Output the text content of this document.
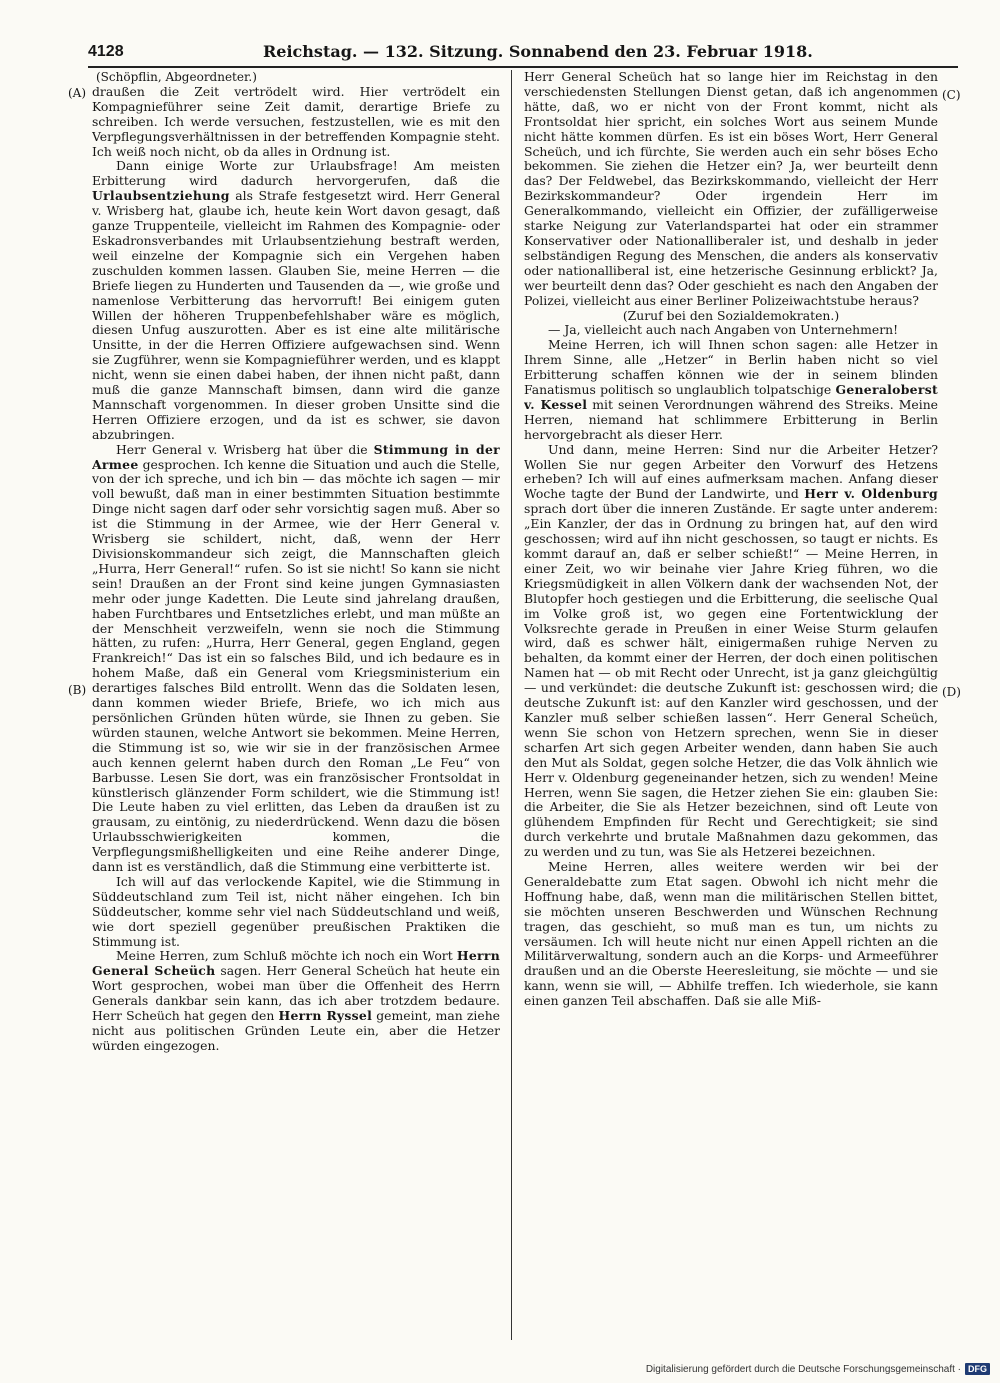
4128	Reichstag. — 132. Sitzung. Sonnabend den 23. Februar 1918.
(A)
(B)
(C)
(D)

(Schöpflin, Abgeordneter.)

draußen die Zeit vertrödelt wird. Hier vertrödelt ein Kompagnieführer seine Zeit damit, derartige Briefe zu schreiben. Ich werde versuchen, festzustellen, wie es mit den Verpflegungsverhältnissen in der betreffenden Kompagnie steht. Ich weiß noch nicht, ob da alles in Ordnung ist.

Dann einige Worte zur Urlaubsfrage! Am meisten Erbitterung wird dadurch hervorgerufen, daß die Urlaubsentziehung als Strafe festgesetzt wird. Herr General v. Wrisberg hat, glaube ich, heute kein Wort davon gesagt, daß ganze Truppenteile, vielleicht im Rahmen des Kompagnie- oder Eskadronsverbandes mit Urlaubsentziehung bestraft werden, weil einzelne der Kompagnie sich ein Vergehen haben zuschulden kommen lassen. Glauben Sie, meine Herren — die Briefe liegen zu Hunderten und Tausenden da —, wie große und namenlose Verbitterung das hervorruft! Bei einigem guten Willen der höheren Truppenbefehlshaber wäre es möglich, diesen Unfug auszurotten. Aber es ist eine alte militärische Unsitte, in der die Herren Offiziere aufgewachsen sind. Wenn sie Zugführer, wenn sie Kompagnieführer werden, und es klappt nicht, wenn sie einen dabei haben, der ihnen nicht paßt, dann muß die ganze Mannschaft bimsen, dann wird die ganze Mannschaft vorgenommen. In dieser groben Unsitte sind die Herren Offiziere erzogen, und da ist es schwer, sie davon abzubringen.

Herr General v. Wrisberg hat über die Stimmung in der Armee gesprochen. Ich kenne die Situation und auch die Stelle, von der ich spreche, und ich bin — das möchte ich sagen — mir voll bewußt, daß man in einer bestimmten Situation bestimmte Dinge nicht sagen darf oder sehr vorsichtig sagen muß. Aber so ist die Stimmung in der Armee, wie der Herr General v. Wrisberg sie schildert, nicht, daß, wenn der Herr Divisionskommandeur sich zeigt, die Mannschaften gleich „Hurra, Herr General!“ rufen. So ist sie nicht! So kann sie nicht sein! Draußen an der Front sind keine jungen Gymnasiasten mehr oder junge Kadetten. Die Leute sind jahrelang draußen, haben Furchtbares und Entsetzliches erlebt, und man müßte an der Menschheit verzweifeln, wenn sie noch die Stimmung hätten, zu rufen: „Hurra, Herr General, gegen England, gegen Frankreich!“ Das ist ein so falsches Bild, und ich bedaure es in hohem Maße, daß ein General vom Kriegsministerium ein derartiges falsches Bild entrollt. Wenn das die Soldaten lesen, dann kommen wieder Briefe, Briefe, wo ich mich aus persönlichen Gründen hüten würde, sie Ihnen zu geben. Sie würden staunen, welche Antwort sie bekommen. Meine Herren, die Stimmung ist so, wie wir sie in der französischen Armee auch kennen gelernt haben durch den Roman „Le Feu“ von Barbusse. Lesen Sie dort, was ein französischer Frontsoldat in künstlerisch glänzender Form schildert, wie die Stimmung ist! Die Leute haben zu viel erlitten, das Leben da draußen ist zu grausam, zu eintönig, zu niederdrückend. Wenn dazu die bösen Urlaubsschwierigkeiten kommen, die Verpflegungsmißhelligkeiten und eine Reihe anderer Dinge, dann ist es verständlich, daß die Stimmung eine verbitterte ist.

Ich will auf das verlockende Kapitel, wie die Stimmung in Süddeutschland zum Teil ist, nicht näher eingehen. Ich bin Süddeutscher, komme sehr viel nach Süddeutschland und weiß, wie dort speziell gegenüber preußischen Praktiken die Stimmung ist.

Meine Herren, zum Schluß möchte ich noch ein Wort Herrn General Scheüch sagen. Herr General Scheüch hat heute ein Wort gesprochen, wobei man über die Offenheit des Herrn Generals dankbar sein kann, das ich aber trotzdem bedaure. Herr Scheüch hat gegen den Herrn Ryssel gemeint, man ziehe nicht aus politischen Gründen Leute ein, aber die Hetzer würden eingezogen.

Herr General Scheüch hat so lange hier im Reichstag in den verschiedensten Stellungen Dienst getan, daß ich angenommen hätte, daß, wo er nicht von der Front kommt, nicht als Frontsoldat hier spricht, ein solches Wort aus seinem Munde nicht hätte kommen dürfen. Es ist ein böses Wort, Herr General Scheüch, und ich fürchte, Sie werden auch ein sehr böses Echo bekommen. Sie ziehen die Hetzer ein? Ja, wer beurteilt denn das? Der Feldwebel, das Bezirkskommando, vielleicht der Herr Bezirkskommandeur? Oder irgendein Herr im Generalkommando, vielleicht ein Offizier, der zufälligerweise starke Neigung zur Vaterlandspartei hat oder ein strammer Konservativer oder Nationalliberaler ist, und deshalb in jeder selbständigen Regung des Menschen, die anders als konservativ oder nationalliberal ist, eine hetzerische Gesinnung erblickt? Ja, wer beurteilt denn das? Oder geschieht es nach den Angaben der Polizei, vielleicht aus einer Berliner Polizeiwachtstube heraus?

(Zuruf bei den Sozialdemokraten.)

— Ja, vielleicht auch nach Angaben von Unternehmern!

Meine Herren, ich will Ihnen schon sagen: alle Hetzer in Ihrem Sinne, alle „Hetzer“ in Berlin haben nicht so viel Erbitterung schaffen können wie der in seinem blinden Fanatismus politisch so unglaublich tolpatschige Generaloberst v. Kessel mit seinen Verordnungen während des Streiks. Meine Herren, niemand hat schlimmere Erbitterung in Berlin hervorgebracht als dieser Herr.

Und dann, meine Herren: Sind nur die Arbeiter Hetzer? Wollen Sie nur gegen Arbeiter den Vorwurf des Hetzens erheben? Ich will auf eines aufmerksam machen. Anfang dieser Woche tagte der Bund der Landwirte, und Herr v. Oldenburg sprach dort über die inneren Zustände. Er sagte unter anderem: „Ein Kanzler, der das in Ordnung zu bringen hat, auf den wird geschossen; wird auf ihn nicht geschossen, so taugt er nichts. Es kommt darauf an, daß er selber schießt!“ — Meine Herren, in einer Zeit, wo wir beinahe vier Jahre Krieg führen, wo die Kriegsmüdigkeit in allen Völkern dank der wachsenden Not, der Blutopfer hoch gestiegen und die Erbitterung, die seelische Qual im Volke groß ist, wo gegen eine Fortentwicklung der Volksrechte gerade in Preußen in einer Weise Sturm gelaufen wird, daß es schwer hält, einigermaßen ruhige Nerven zu behalten, da kommt einer der Herren, der doch einen politischen Namen hat — ob mit Recht oder Unrecht, ist ja ganz gleichgültig — und verkündet: die deutsche Zukunft ist: geschossen wird; die deutsche Zukunft ist: auf den Kanzler wird geschossen, und der Kanzler muß selber schießen lassen“. Herr General Scheüch, wenn Sie schon von Hetzern sprechen, wenn Sie in dieser scharfen Art sich gegen Arbeiter wenden, dann haben Sie auch den Mut als Soldat, gegen solche Hetzer, die das Volk ähnlich wie Herr v. Oldenburg gegeneinander hetzen, sich zu wenden! Meine Herren, wenn Sie sagen, die Hetzer ziehen Sie ein: glauben Sie: die Arbeiter, die Sie als Hetzer bezeichnen, sind oft Leute von glühendem Empfinden für Recht und Gerechtigkeit; sie sind durch verkehrte und brutale Maßnahmen dazu gekommen, das zu werden und zu tun, was Sie als Hetzerei bezeichnen.

Meine Herren, alles weitere werden wir bei der Generaldebatte zum Etat sagen. Obwohl ich nicht mehr die Hoffnung habe, daß, wenn man die militärischen Stellen bittet, sie möchten unseren Beschwerden und Wünschen Rechnung tragen, das geschieht, so muß man es tun, um nichts zu versäumen. Ich will heute nicht nur einen Appell richten an die Militärverwaltung, sondern auch an die Korps- und Armeeführer draußen und an die Oberste Heeresleitung, sie möchte — und sie kann, wenn sie will, — Abhilfe treffen. Ich wiederhole, sie kann einen ganzen Teil abschaffen. Daß sie alle Miß-

Digitalisierung gefördert durch die Deutsche Forschungsgemeinschaft · DFG
